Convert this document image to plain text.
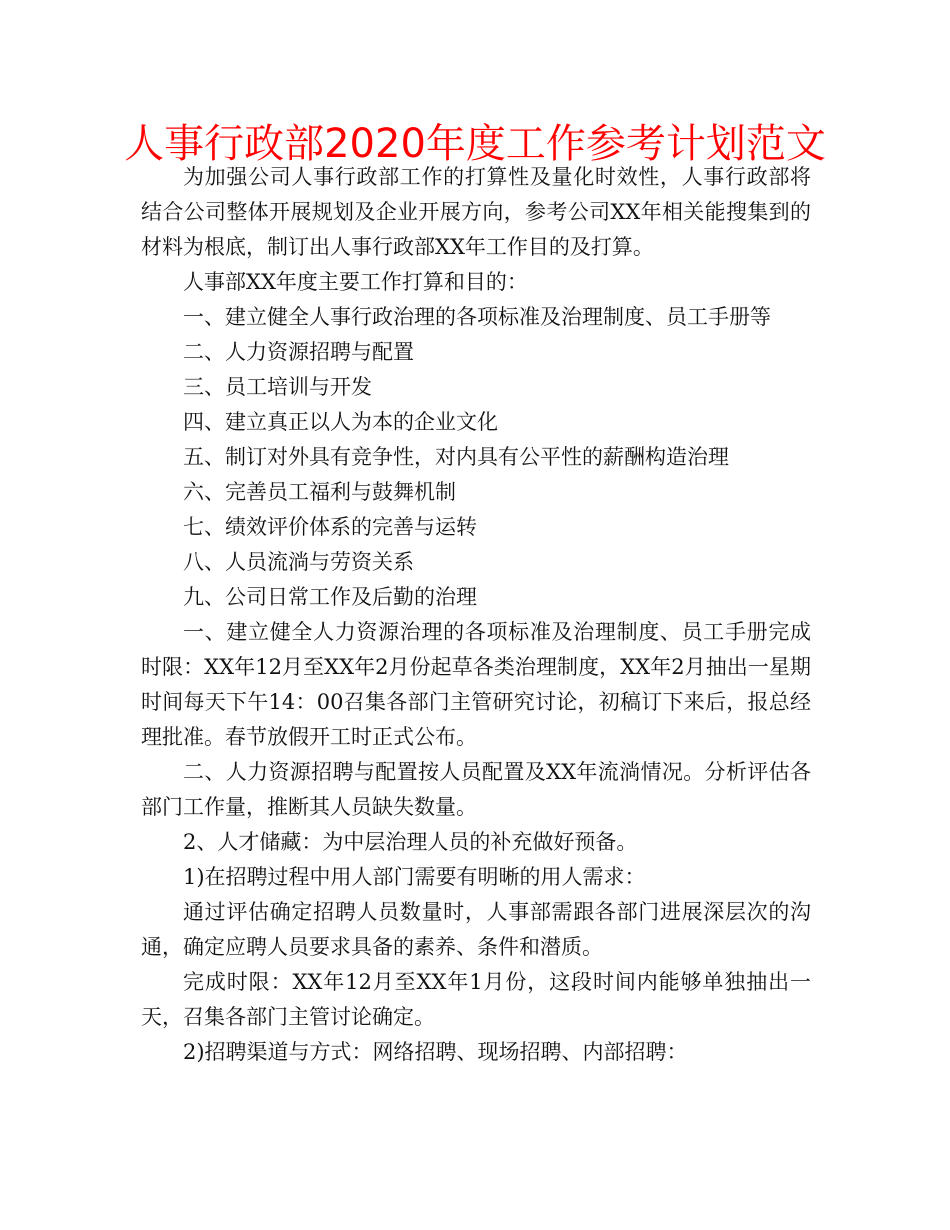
人事行政部2020年度工作参考计划范文

为加强公司人事行政部工作的打算性及量化时效性，人事行政部将结合公司整体开展规划及企业开展方向，参考公司XX年相关能搜集到的材料为根底，制订出人事行政部XX年工作目的及打算。

人事部XX年度主要工作打算和目的：

一、建立健全人事行政治理的各项标准及治理制度、员工手册等

二、人力资源招聘与配置

三、员工培训与开发

四、建立真正以人为本的企业文化

五、制订对外具有竞争性，对内具有公平性的薪酬构造治理

六、完善员工福利与鼓舞机制

七、绩效评价体系的完善与运转

八、人员流淌与劳资关系

九、公司日常工作及后勤的治理

一、建立健全人力资源治理的各项标准及治理制度、员工手册完成时限：XX年12月至XX年2月份起草各类治理制度，XX年2月抽出一星期时间每天下午14：00召集各部门主管研究讨论，初稿订下来后，报总经理批准。春节放假开工时正式公布。

二、人力资源招聘与配置按人员配置及XX年流淌情况。分析评估各部门工作量，推断其人员缺失数量。

2、人才储藏：为中层治理人员的补充做好预备。

1)在招聘过程中用人部门需要有明晰的用人需求：

通过评估确定招聘人员数量时，人事部需跟各部门进展深层次的沟通，确定应聘人员要求具备的素养、条件和潜质。

完成时限：XX年12月至XX年1月份，这段时间内能够单独抽出一天，召集各部门主管讨论确定。

2)招聘渠道与方式：网络招聘、现场招聘、内部招聘：
